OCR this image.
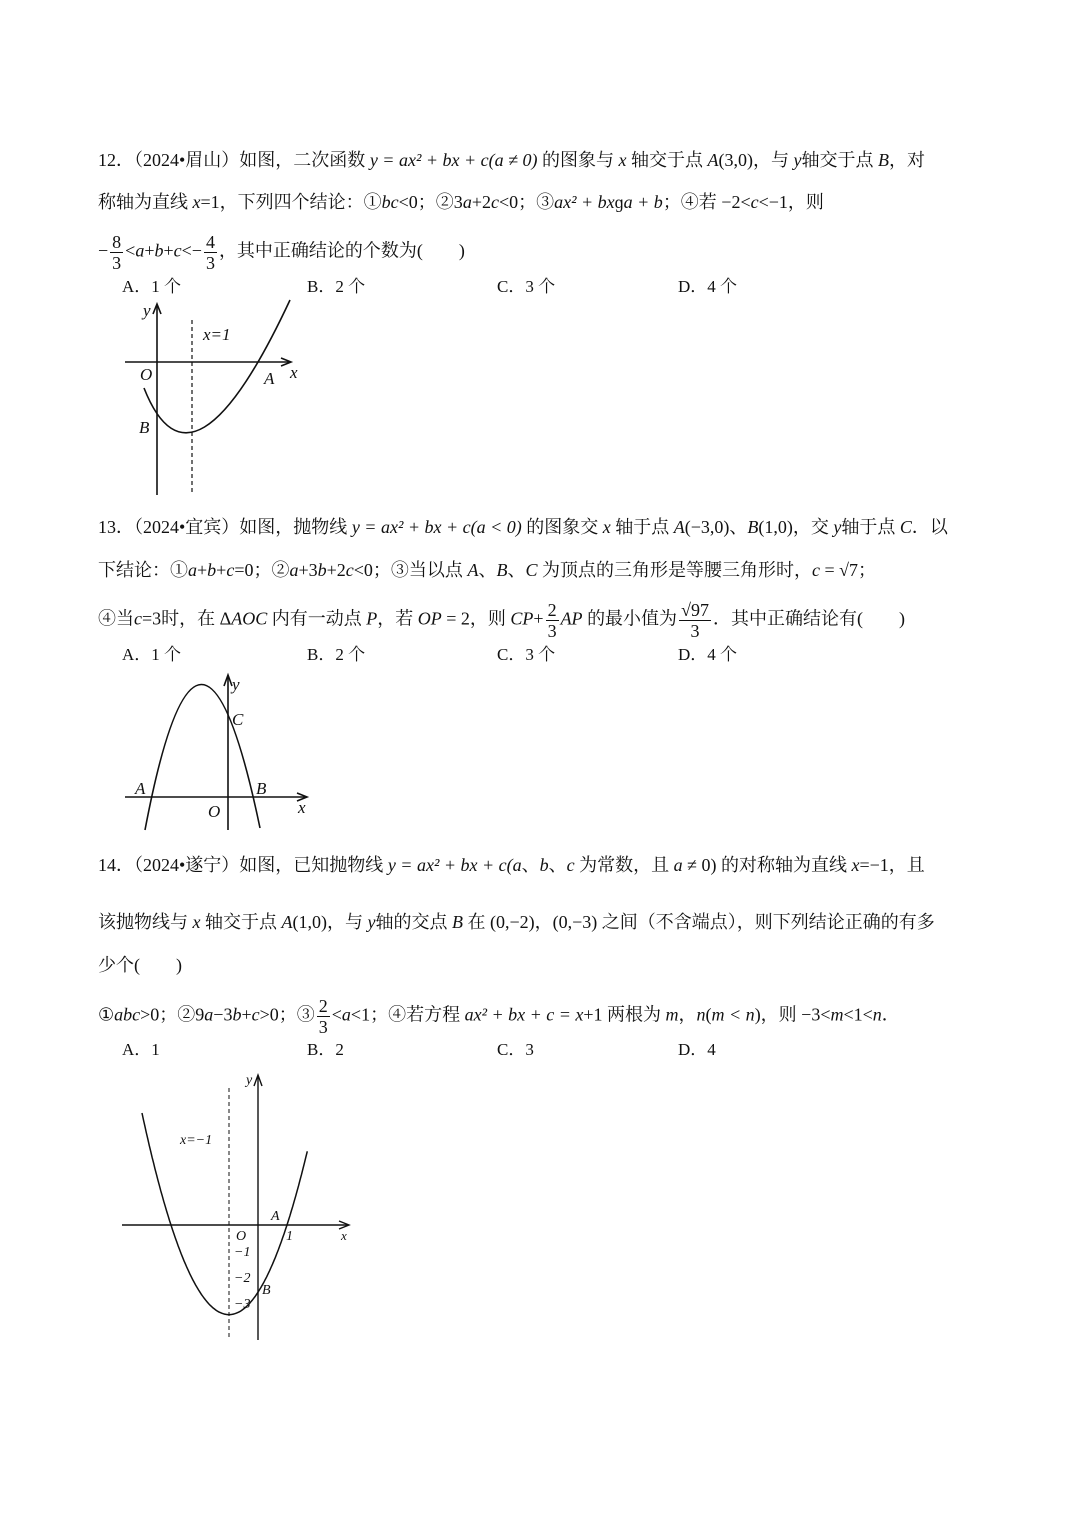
12．（2024•眉山）如图，二次函数 y = ax² + bx + c(a ≠ 0) 的图象与 x 轴交于点 A(3,0)，与 y轴交于点 B，对
称轴为直线 x=1，下列四个结论：①bc<0；②3a+2c<0；③ax² + bxɡa + b；④若 −2<c<−1，则
− $\frac{8}{3} <a+b+c<- \frac{4}{3}$ ，其中正确结论的个数为(　　)
A．1 个	B．2 个	C．3 个	D．4 个
13．（2024•宜宾）如图，抛物线 y = ax² + bx + c(a < 0) 的图象交 x 轴于点 A(−3,0)、B(1,0)，交 y轴于点 C．以
下结论：①a+b+c=0；②a+3b+2c<0；③当以点 A、B、C 为顶点的三角形是等腰三角形时，c = √7；
④当c=3时，在 ΔAOC 内有一动点 P，若 OP = 2，则 $CP+ \frac{2}{3}$ AP 的最小值为 $\frac{√97}{3}$ ．其中正确结论有(　　)
A．1 个	B．2 个	C．3 个	D．4 个
14．（2024•遂宁）如图，已知抛物线 y = ax² + bx + c(a、b、c 为常数，且 a ≠ 0) 的对称轴为直线 x=−1，且
该抛物线与 x 轴交于点 A(1,0)，与 y轴的交点 B 在 (0,−2)，(0,−3) 之间（不含端点），则下列结论正确的有多
少个(　　)
①abc>0；②9a−3b+c>0；③ $\frac{2}{3} <a<1$；④若方程 ax² + bx + c = x+1 两根为 m，n(m < n)，则 −3<m<1<n．
A．1	B．2	C．3	D．4
y
x=1
O	A x
B
y
C
A	B
O	x
y
x=−1
O
A
1	x
−1
−2
B
−3
